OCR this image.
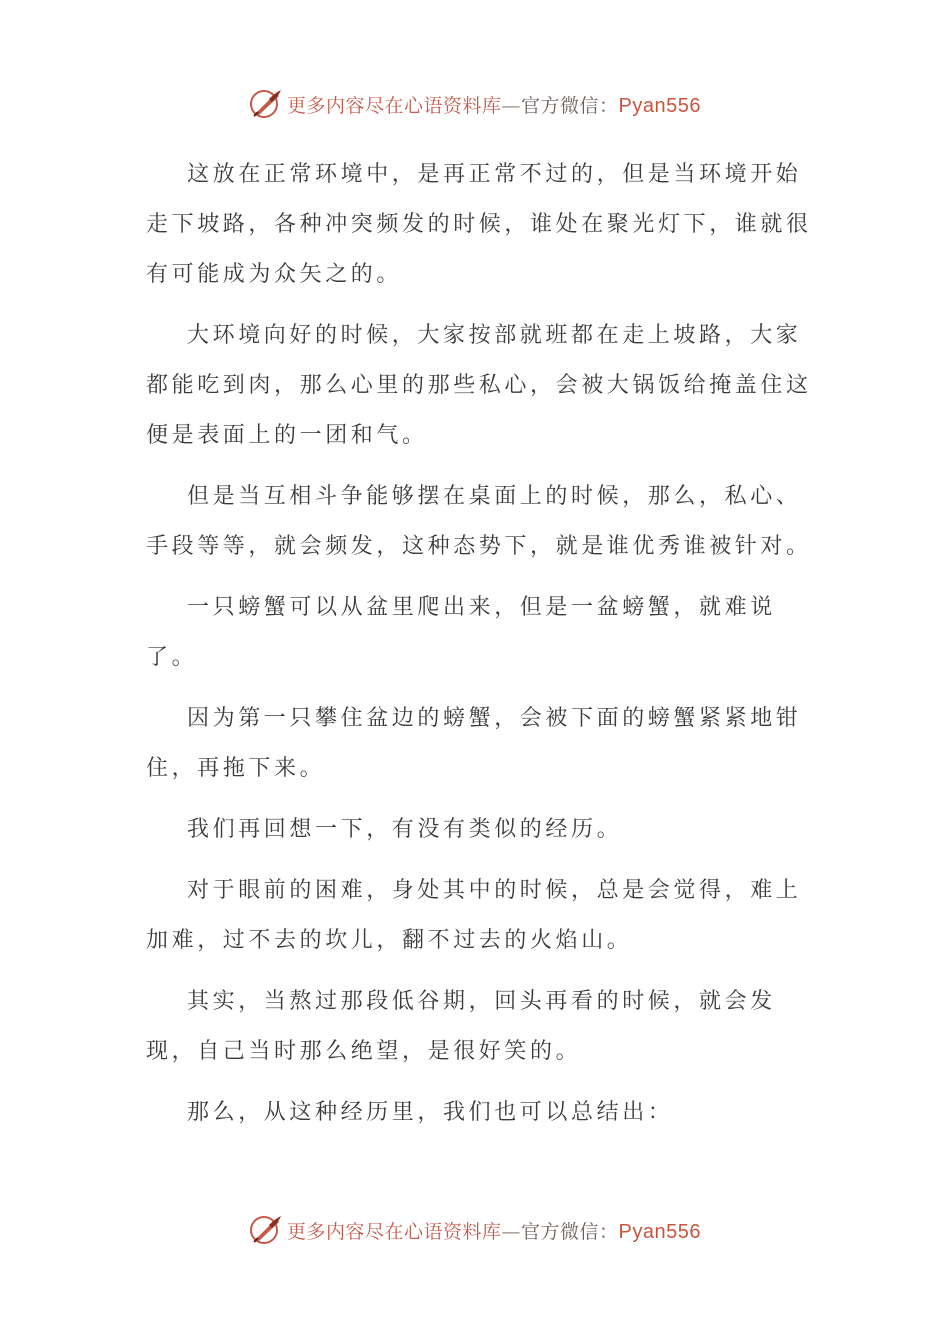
更多内容尽在心语资料库—官方微信：Pyan556

这放在正常环境中，是再正常不过的，但是当环境开始走下坡路，各种冲突频发的时候，谁处在聚光灯下，谁就很有可能成为众矢之的。

大环境向好的时候，大家按部就班都在走上坡路，大家都能吃到肉，那么心里的那些私心，会被大锅饭给掩盖住这便是表面上的一团和气。

但是当互相斗争能够摆在桌面上的时候，那么，私心、手段等等，就会频发，这种态势下，就是谁优秀谁被针对。

一只螃蟹可以从盆里爬出来，但是一盆螃蟹，就难说了。

因为第一只攀住盆边的螃蟹，会被下面的螃蟹紧紧地钳住，再拖下来。

我们再回想一下，有没有类似的经历。

对于眼前的困难，身处其中的时候，总是会觉得，难上加难，过不去的坎儿，翻不过去的火焰山。

其实，当熬过那段低谷期，回头再看的时候，就会发现，自己当时那么绝望，是很好笑的。

那么，从这种经历里，我们也可以总结出：

更多内容尽在心语资料库—官方微信：Pyan556
